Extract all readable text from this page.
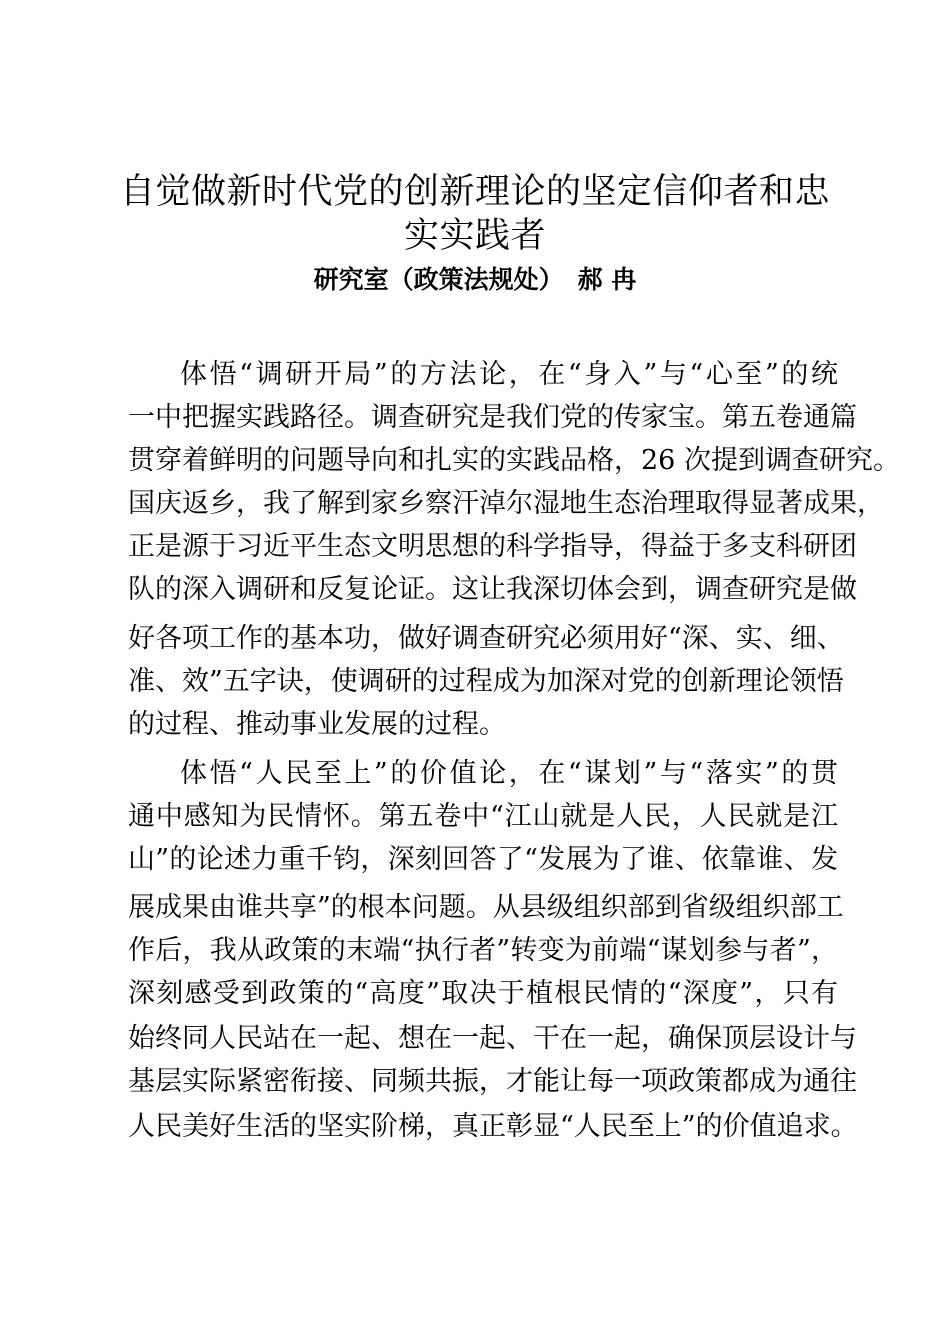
自觉做新时代党的创新理论的坚定信仰者和忠
实实践者
研究室（政策法规处） 郝 冉
体悟“调研开局”的方法论，在“身入”与“心至”的统
一中把握实践路径。调查研究是我们党的传家宝。第五卷通篇
贯穿着鲜明的问题导向和扎实的实践品格，26 次提到调查研究。
国庆返乡，我了解到家乡察汗淖尔湿地生态治理取得显著成果，
正是源于习近平生态文明思想的科学指导，得益于多支科研团
队的深入调研和反复论证。这让我深切体会到，调查研究是做
好各项工作的基本功，做好调查研究必须用好“深、实、细、
准、效”五字诀，使调研的过程成为加深对党的创新理论领悟
的过程、推动事业发展的过程。
体悟“人民至上”的价值论，在“谋划”与“落实”的贯
通中感知为民情怀。第五卷中“江山就是人民，人民就是江
山”的论述力重千钧，深刻回答了“发展为了谁、依靠谁、发
展成果由谁共享”的根本问题。从县级组织部到省级组织部工
作后，我从政策的末端“执行者”转变为前端“谋划参与者”，
深刻感受到政策的“高度”取决于植根民情的“深度”，只有
始终同人民站在一起、想在一起、干在一起，确保顶层设计与
基层实际紧密衔接、同频共振，才能让每一项政策都成为通往
人民美好生活的坚实阶梯，真正彰显“人民至上”的价值追求。
